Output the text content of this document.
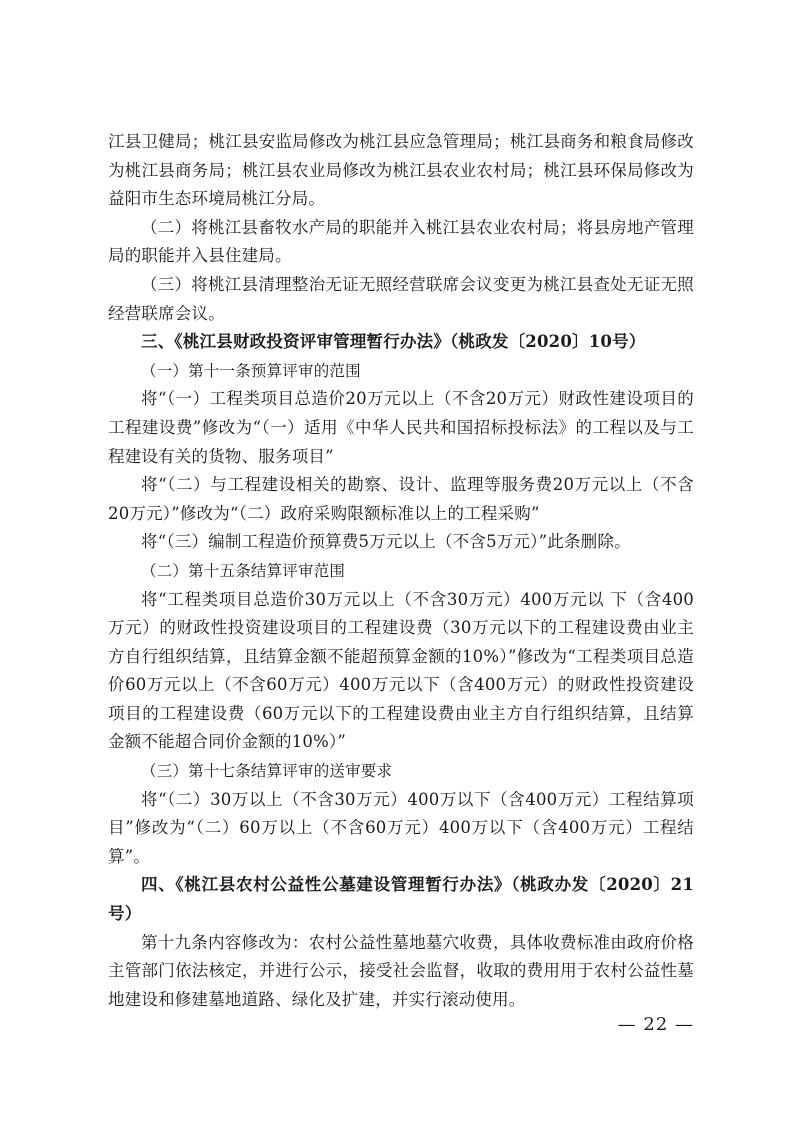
江县卫健局；桃江县安监局修改为桃江县应急管理局；桃江县商务和粮食局修改为桃江县商务局；桃江县农业局修改为桃江县农业农村局；桃江县环保局修改为益阳市生态环境局桃江分局。

（二）将桃江县畜牧水产局的职能并入桃江县农业农村局；将县房地产管理局的职能并入县住建局。

（三）将桃江县清理整治无证无照经营联席会议变更为桃江县查处无证无照经营联席会议。

三、《桃江县财政投资评审管理暂行办法》（桃政发〔2020〕10号）

（一）第十一条预算评审的范围

将“（一）工程类项目总造价20万元以上（不含20万元）财政性建设项目的工程建设费”修改为“（一）适用《中华人民共和国招标投标法》的工程以及与工程建设有关的货物、服务项目”

将“（二）与工程建设相关的勘察、设计、监理等服务费20万元以上（不含20万元）”修改为“（二）政府采购限额标准以上的工程采购”

将“（三）编制工程造价预算费5万元以上（不含5万元）”此条删除。

（二）第十五条结算评审范围

将“工程类项目总造价30万元以上（不含30万元）400万元以 下（含400万元）的财政性投资建设项目的工程建设费（30万元以下的工程建设费由业主方自行组织结算，且结算金额不能超预算金额的10%）”修改为“工程类项目总造价60万元以上（不含60万元）400万元以下（含400万元）的财政性投资建设项目的工程建设费（60万元以下的工程建设费由业主方自行组织结算，且结算金额不能超合同价金额的10%）”

（三）第十七条结算评审的送审要求

将“（二）30万以上（不含30万元）400万以下（含400万元）工程结算项目”修改为“（二）60万以上（不含60万元）400万以下（含400万元）工程结算”。

四、《桃江县农村公益性公墓建设管理暂行办法》（桃政办发〔2020〕21号）

第十九条内容修改为：农村公益性墓地墓穴收费，具体收费标准由政府价格主管部门依法核定，并进行公示，接受社会监督，收取的费用用于农村公益性墓地建设和修建墓地道路、绿化及扩建，并实行滚动使用。

— 22 —
